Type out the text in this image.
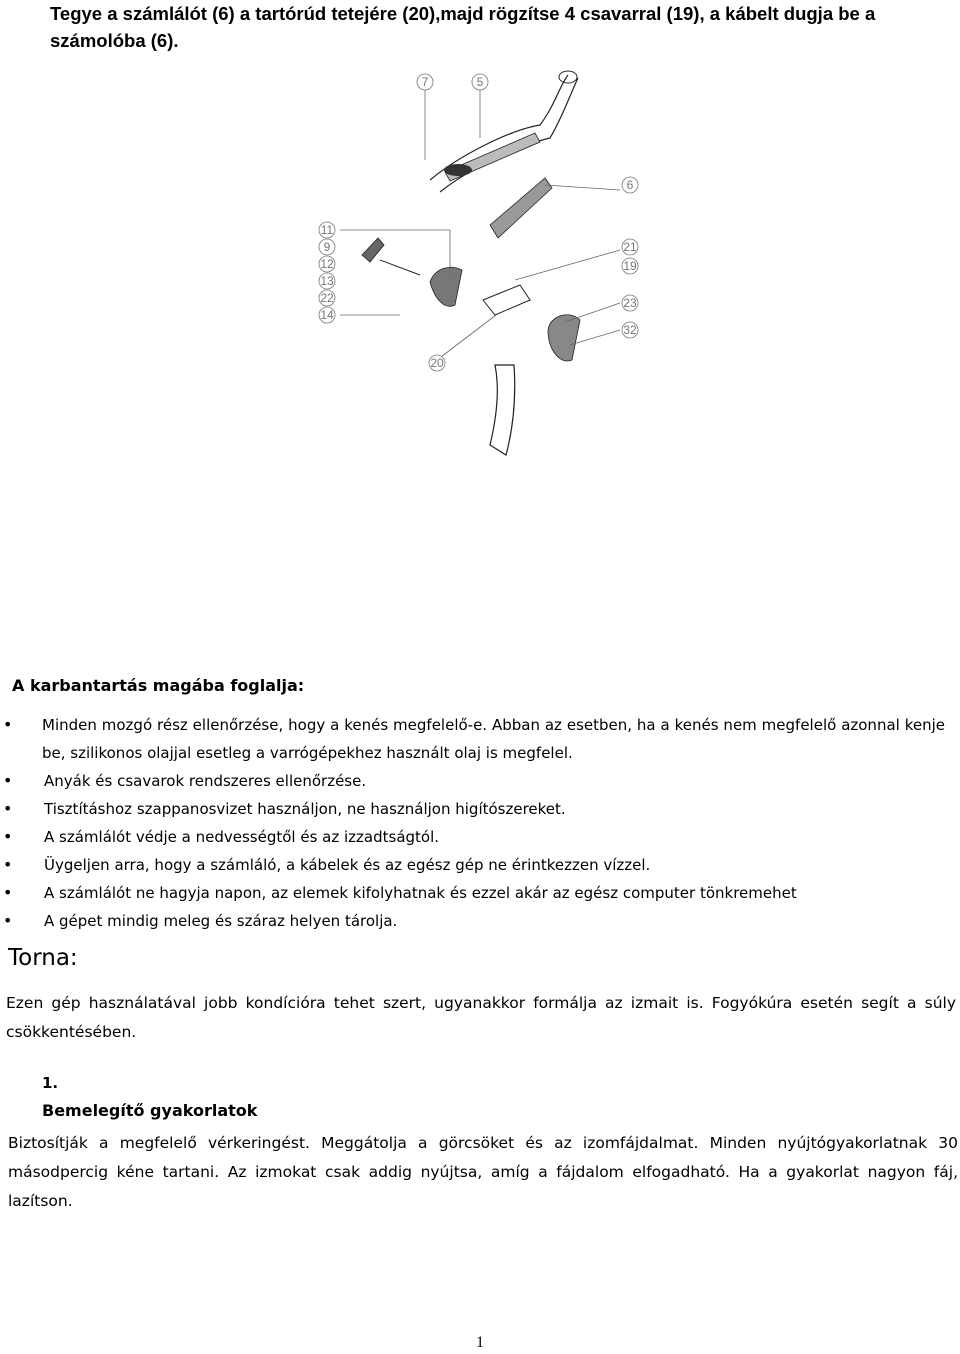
Tegye a számlálót (6) a tartórúd tetejére (20),majd rögzítse 4 csavarral (19), a kábelt dugja be a számolóba (6).
7	5
6
11
9
12
13
22
14
21
19
23
32
20
A karbantartás magába foglalja:
• Minden mozgó rész ellenőrzése, hogy a kenés megfelelő-e. Abban az esetben, ha a kenés nem megfelelő azonnal kenje be, szilikonos olajjal esetleg a varrógépekhez használt olaj is megfelel.
• Anyák és csavarok rendszeres ellenőrzése.
• Tisztításhoz szappanosvizet használjon, ne használjon higítószereket.
• A számlálót védje a nedvességtől és az izzadtságtól.
• Üygeljen arra, hogy a számláló, a kábelek és az egész gép ne érintkezzen vízzel.
• A számlálót ne hagyja napon, az elemek kifolyhatnak és ezzel akár az egész computer tönkremehet
• A gépet mindig meleg és száraz helyen tárolja.
Torna:
Ezen gép használatával jobb kondícióra tehet szert, ugyanakkor formálja az izmait is. Fogyókúra esetén segít a súly csökkentésében.
1.
Bemelegítő gyakorlatok
Biztosítják a megfelelő vérkeringést. Meggátolja a görcsöket és az izomfájdalmat. Minden nyújtógyakorlatnak 30 másodpercig kéne tartani. Az izmokat csak addig nyújtsa, amíg a fájdalom elfogadható. Ha a gyakorlat nagyon fáj, lazítson.
1
